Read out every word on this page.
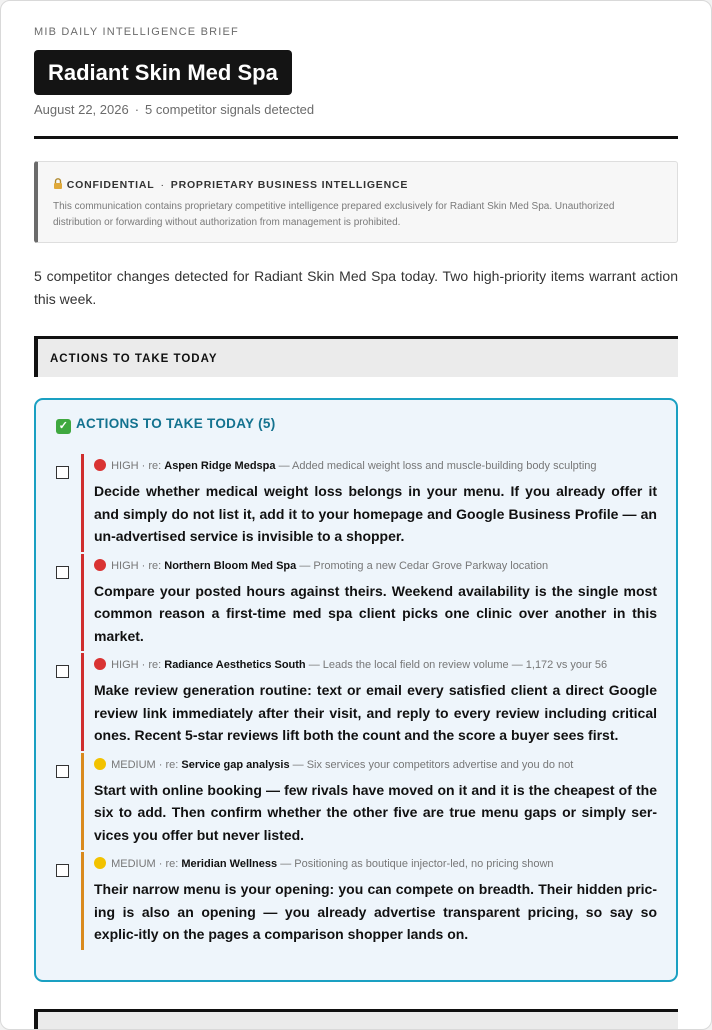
MIB DAILY INTELLIGENCE BRIEF
Radiant Skin Med Spa
August 22, 2026 · 5 competitor signals detected
CONFIDENTIAL · PROPRIETARY BUSINESS INTELLIGENCE
This communication contains proprietary competitive intelligence prepared exclusively for Radiant Skin Med Spa. Unauthorized distribution or forwarding without authorization from management is prohibited.
5 competitor changes detected for Radiant Skin Med Spa today. Two high-priority items warrant action this week.
ACTIONS TO TAKE TODAY
✓ ACTIONS TO TAKE TODAY (5)
HIGH · re: Aspen Ridge Medspa — Added medical weight loss and muscle-building body sculpting
Decide whether medical weight loss belongs in your menu. If you already offer it and simply do not list it, add it to your homepage and Google Business Profile — an un-advertised service is invisible to a shopper.
HIGH · re: Northern Bloom Med Spa — Promoting a new Cedar Grove Parkway location
Compare your posted hours against theirs. Weekend availability is the single most common reason a first-time med spa client picks one clinic over another in this market.
HIGH · re: Radiance Aesthetics South — Leads the local field on review volume — 1,172 vs your 56
Make review generation routine: text or email every satisfied client a direct Google review link immediately after their visit, and reply to every review including critical ones. Recent 5-star reviews lift both the count and the score a buyer sees first.
MEDIUM · re: Service gap analysis — Six services your competitors advertise and you do not
Start with online booking — few rivals have moved on it and it is the cheapest of the six to add. Then confirm whether the other five are true menu gaps or simply ser-vices you offer but never listed.
MEDIUM · re: Meridian Wellness — Positioning as boutique injector-led, no pricing shown
Their narrow menu is your opening: you can compete on breadth. Their hidden pric-ing is also an opening — you already advertise transparent pricing, so say so explic-itly on the pages a comparison shopper lands on.
